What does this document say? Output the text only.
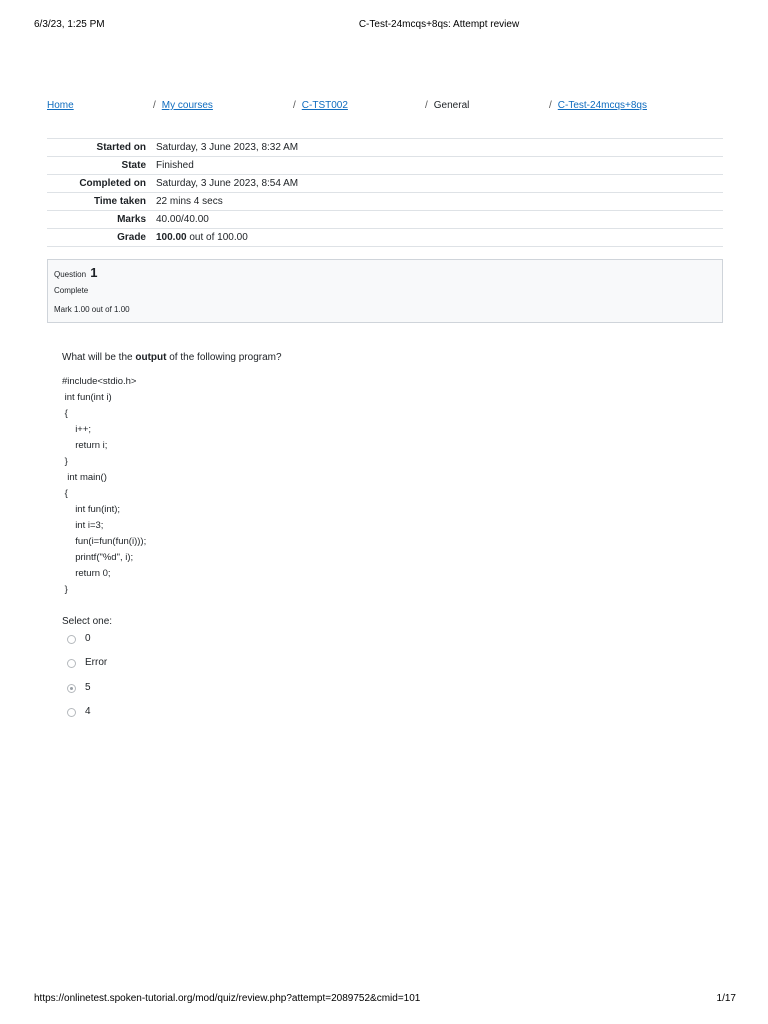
6/3/23, 1:25 PM	C-Test-24mcqs+8qs: Attempt review
Home	/ My courses	/ C-TST002	/ General	/ C-Test-24mcqs+8qs
Started on	Saturday, 3 June 2023, 8:32 AM
State	Finished
Completed on	Saturday, 3 June 2023, 8:54 AM
Time taken	22 mins 4 secs
Marks	40.00/40.00
Grade	100.00 out of 100.00
Question 1
Complete
Mark 1.00 out of 1.00
What will be the output of the following program?
#include<stdio.h>
int fun(int i)
{
i++;
return i;
}
int main()
{
int fun(int);
int i=3;
fun(i=fun(fun(i)));
printf("%d", i);
return 0;
}
Select one:
0
Error
5
4
https://onlinetest.spoken-tutorial.org/mod/quiz/review.php?attempt=2089752&cmid=101	1/17
